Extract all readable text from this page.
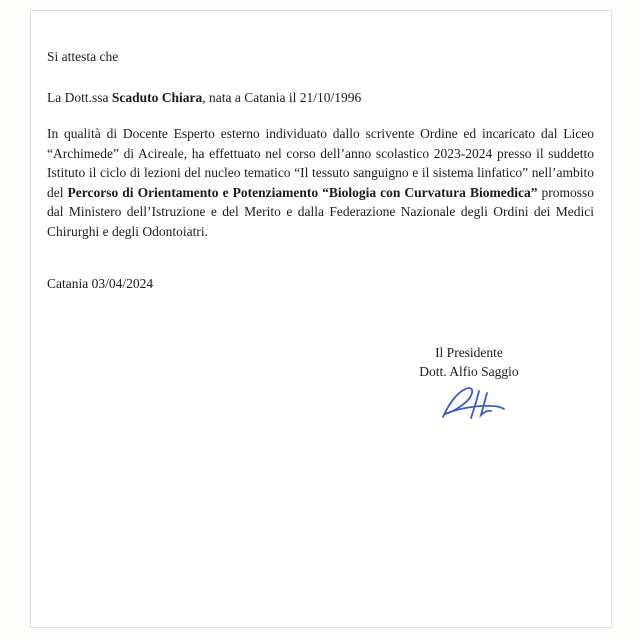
Si attesta che

La Dott.ssa Scaduto Chiara, nata a Catania il 21/10/1996

In qualità di Docente Esperto esterno individuato dallo scrivente Ordine ed incaricato dal Liceo “Archimede” di Acireale, ha effettuato nel corso dell’anno scolastico 2023-2024 presso il suddetto Istituto il ciclo di lezioni del nucleo tematico “Il tessuto sanguigno e il sistema linfatico” nell’ambito del Percorso di Orientamento e Potenziamento “Biologia con Curvatura Biomedica” promosso dal Ministero dell’Istruzione e del Merito e dalla Federazione Nazionale degli Ordini dei Medici Chirurghi e degli Odontoiatri.

Catania 03/04/2024

Il Presidente
Dott. Alfio Saggio
